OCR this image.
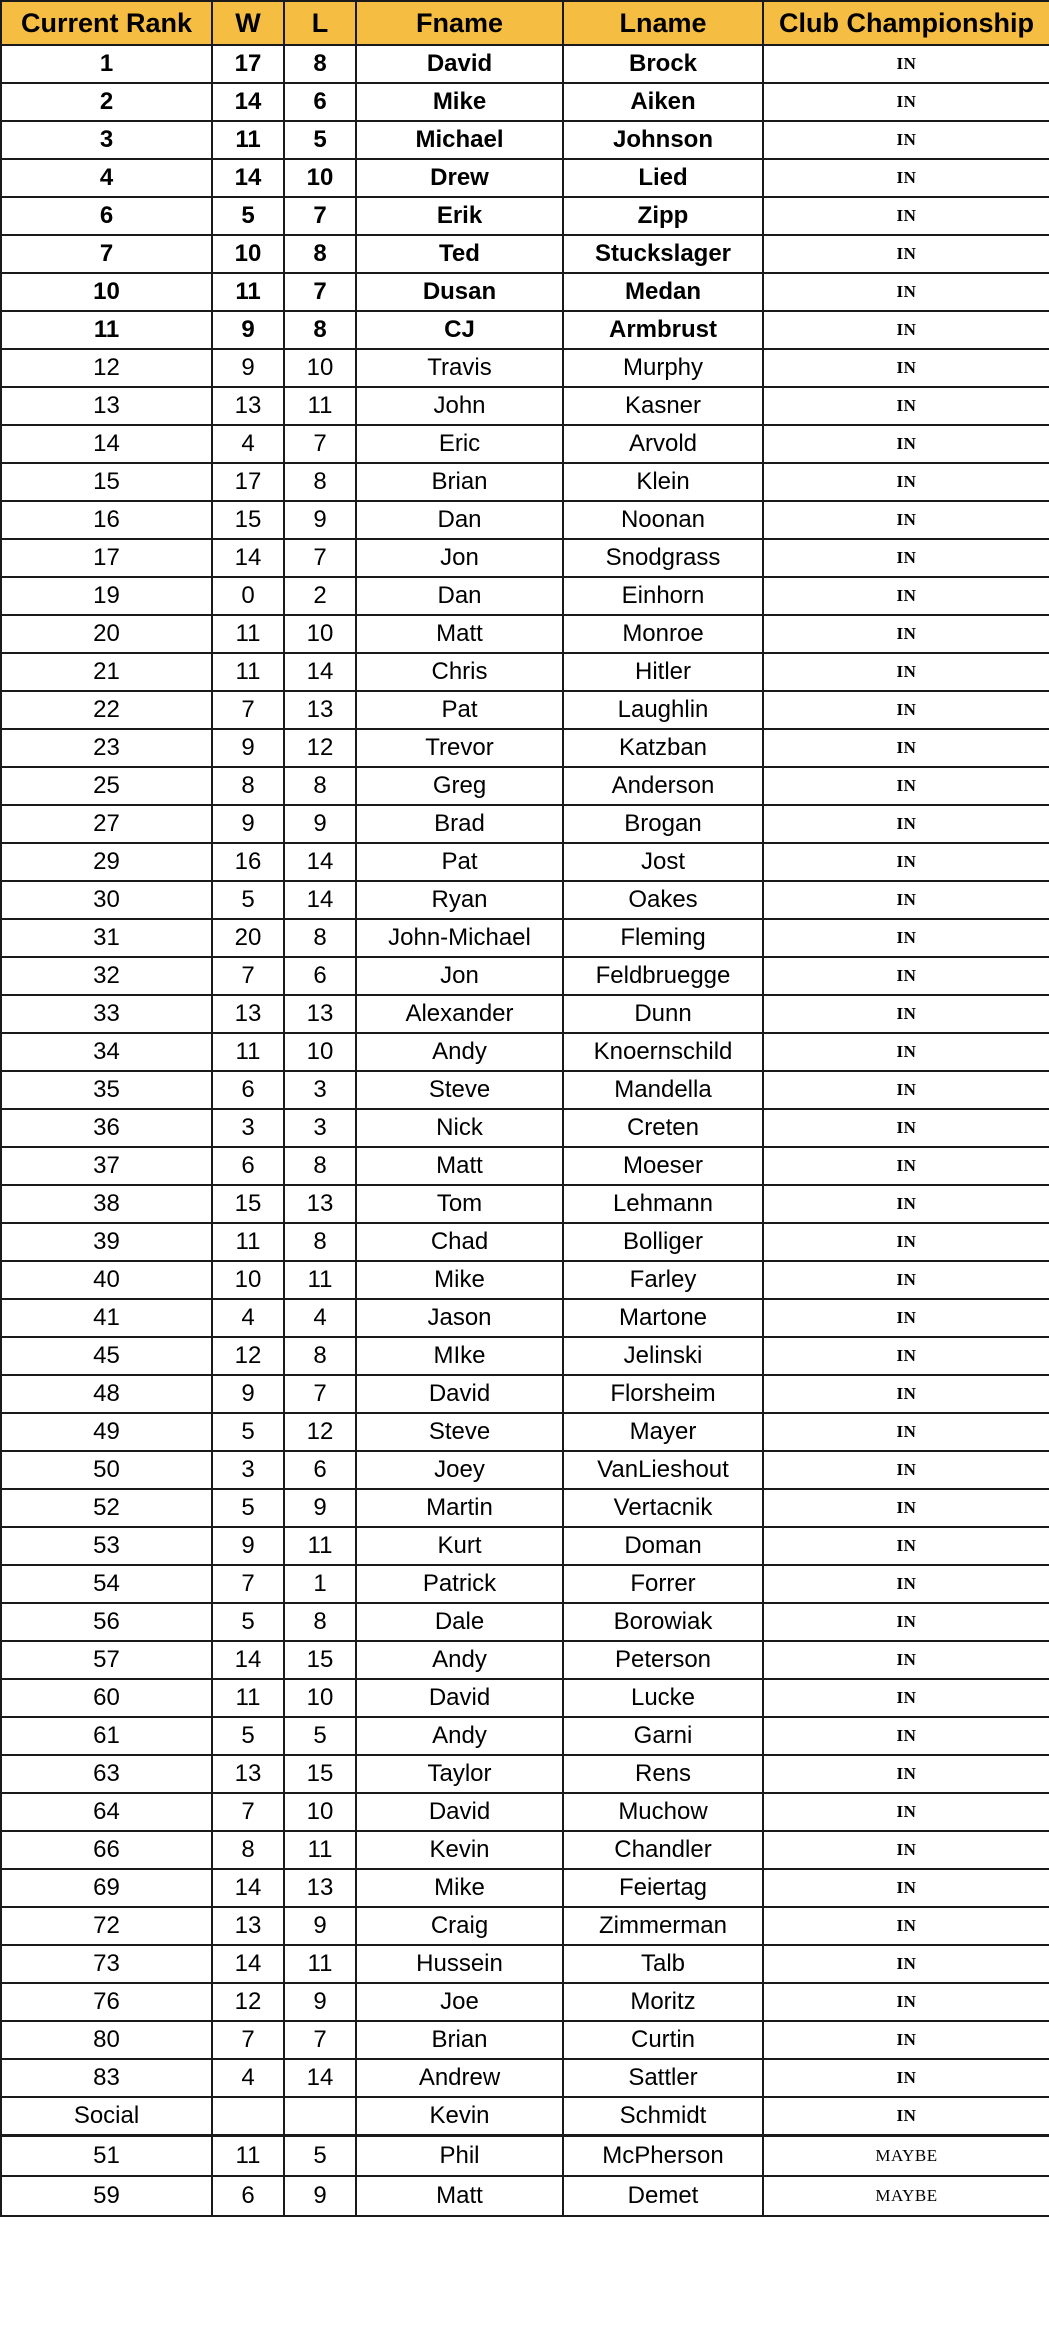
Current Rank	W	L	Fname	Lname	Club Championship
1	17	8	David	Brock	IN
2	14	6	Mike	Aiken	IN
3	11	5	Michael	Johnson	IN
4	14	10	Drew	Lied	IN
6	5	7	Erik	Zipp	IN
7	10	8	Ted	Stuckslager	IN
10	11	7	Dusan	Medan	IN
11	9	8	CJ	Armbrust	IN
12	9	10	Travis	Murphy	IN
13	13	11	John	Kasner	IN
14	4	7	Eric	Arvold	IN
15	17	8	Brian	Klein	IN
16	15	9	Dan	Noonan	IN
17	14	7	Jon	Snodgrass	IN
19	0	2	Dan	Einhorn	IN
20	11	10	Matt	Monroe	IN
21	11	14	Chris	Hitler	IN
22	7	13	Pat	Laughlin	IN
23	9	12	Trevor	Katzban	IN
25	8	8	Greg	Anderson	IN
27	9	9	Brad	Brogan	IN
29	16	14	Pat	Jost	IN
30	5	14	Ryan	Oakes	IN
31	20	8	John-Michael	Fleming	IN
32	7	6	Jon	Feldbruegge	IN
33	13	13	Alexander	Dunn	IN
34	11	10	Andy	Knoernschild	IN
35	6	3	Steve	Mandella	IN
36	3	3	Nick	Creten	IN
37	6	8	Matt	Moeser	IN
38	15	13	Tom	Lehmann	IN
39	11	8	Chad	Bolliger	IN
40	10	11	Mike	Farley	IN
41	4	4	Jason	Martone	IN
45	12	8	MIke	Jelinski	IN
48	9	7	David	Florsheim	IN
49	5	12	Steve	Mayer	IN
50	3	6	Joey	VanLieshout	IN
52	5	9	Martin	Vertacnik	IN
53	9	11	Kurt	Doman	IN
54	7	1	Patrick	Forrer	IN
56	5	8	Dale	Borowiak	IN
57	14	15	Andy	Peterson	IN
60	11	10	David	Lucke	IN
61	5	5	Andy	Garni	IN
63	13	15	Taylor	Rens	IN
64	7	10	David	Muchow	IN
66	8	11	Kevin	Chandler	IN
69	14	13	Mike	Feiertag	IN
72	13	9	Craig	Zimmerman	IN
73	14	11	Hussein	Talb	IN
76	12	9	Joe	Moritz	IN
80	7	7	Brian	Curtin	IN
83	4	14	Andrew	Sattler	IN
Social			Kevin	Schmidt	IN
51	11	5	Phil	McPherson	MAYBE
59	6	9	Matt	Demet	MAYBE
